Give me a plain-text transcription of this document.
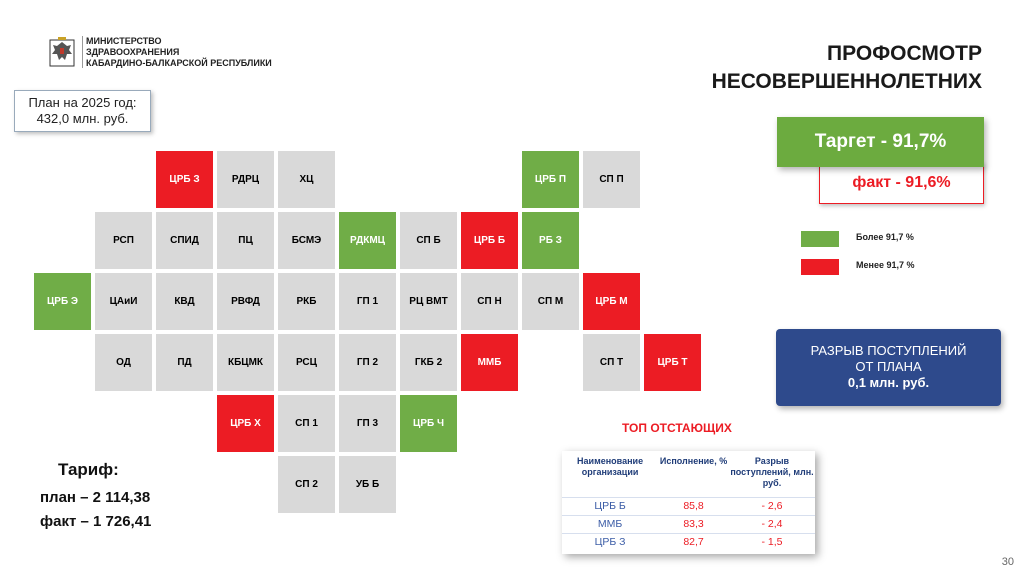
МИНИСТЕРСТВО
ЗДРАВООХРАНЕНИЯ
КАБАРДИНО-БАЛКАРСКОЙ РЕСПУБЛИКИ	ПРОФОСМОТР
НЕСОВЕРШЕННОЛЕТНИХ
План на 2025 год:
432,0 млн. руб.
ЦРБ З	РДРЦ	ХЦ	ЦРБ П	СП П
РСП	СПИД	ПЦ	БСМЭ	РДКМЦ	СП Б	ЦРБ Б	РБ З
ЦРБ Э	ЦАиИ	КВД	РВФД	РКБ	ГП 1	РЦ ВМТ	СП Н	СП М	ЦРБ М
ОД	ПД	КБЦМК	РСЦ	ГП 2	ГКБ 2	ММБ	СП Т	ЦРБ Т
ЦРБ Х	СП 1	ГП 3	ЦРБ Ч
СП 2	УБ Б
Таргет - 91,7%
факт - 91,6%
Более 91,7 %
Менее 91,7 %
РАЗРЫВ ПОСТУПЛЕНИЙ
ОТ ПЛАНА
0,1 млн. руб.
Тариф:
план – 2 114,38
факт – 1 726,41
ТОП ОТСТАЮЩИХ
Наименование организации	Исполнение, %	Разрыв поступлений, млн. руб.
ЦРБ Б	85,8	- 2,6
ММБ	83,3	- 2,4
ЦРБ З	82,7	- 1,5
30
